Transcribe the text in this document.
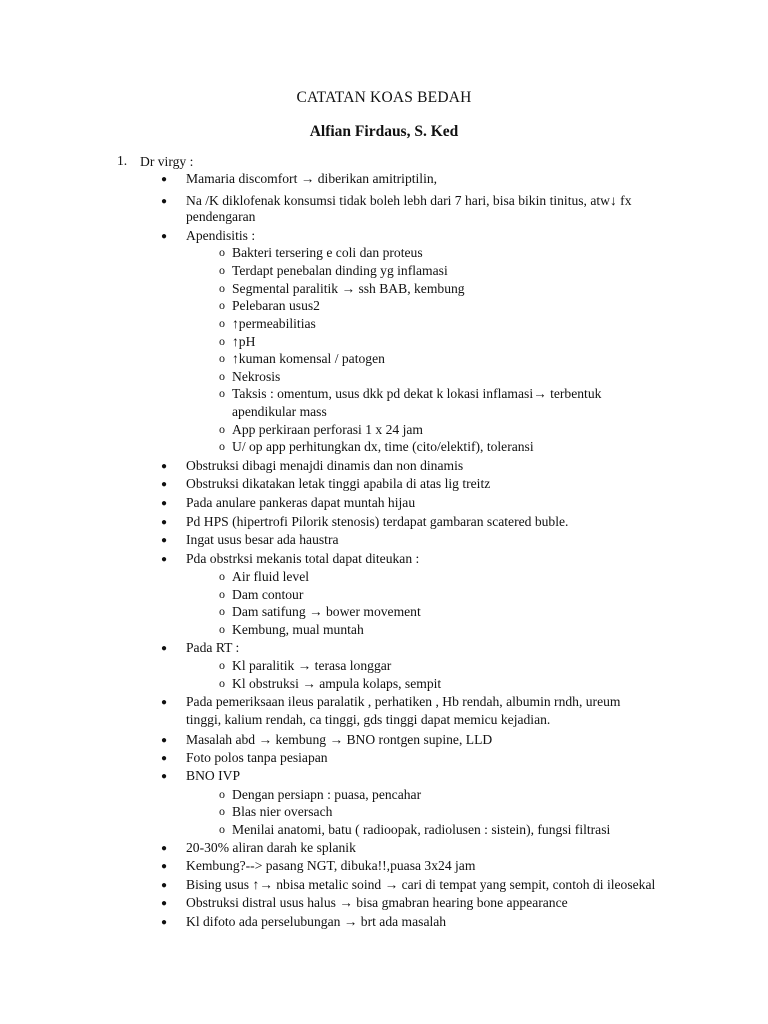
CATATAN KOAS BEDAH
Alfian Firdaus, S. Ked
1. Dr virgy :
● Mamaria discomfort → diberikan amitriptilin,
● Na /K diklofenak konsumsi tidak boleh lebh dari 7 hari, bisa bikin tinitus, atw↓ fx
pendengaran
● Apendisitis :
o Bakteri tersering e coli dan proteus
o Terdapt penebalan dinding yg inflamasi
o Segmental paralitik → ssh BAB, kembung
o Pelebaran usus2
o ↑permeabilitias
o ↑pH
o ↑kuman komensal / patogen
o Nekrosis
o Taksis : omentum, usus dkk pd dekat k lokasi inflamasi→ terbentuk
apendikular mass
o App perkiraan perforasi 1 x 24 jam
o U/ op app perhitungkan dx, time (cito/elektif), toleransi
● Obstruksi dibagi menajdi dinamis dan non dinamis
● Obstruksi dikatakan letak tinggi apabila di atas lig treitz
● Pada anulare pankeras dapat muntah hijau
● Pd HPS (hipertrofi Pilorik stenosis) terdapat gambaran scatered buble.
● Ingat usus besar ada haustra
● Pda obstrksi mekanis total dapat diteukan :
o Air fluid level
o Dam contour
o Dam satifung → bower movement
o Kembung, mual muntah
● Pada RT :
o Kl paralitik → terasa longgar
o Kl obstruksi → ampula kolaps, sempit
● Pada pemeriksaan ileus paralatik , perhatiken , Hb rendah, albumin rndh, ureum
tinggi, kalium rendah, ca tinggi, gds tinggi dapat memicu kejadian.
● Masalah abd → kembung → BNO rontgen supine, LLD
● Foto polos tanpa pesiapan
● BNO IVP
o Dengan persiapn : puasa, pencahar
o Blas nier oversach
o Menilai anatomi, batu ( radioopak, radiolusen : sistein), fungsi filtrasi
● 20-30% aliran darah ke splanik
● Kembung?--> pasang NGT, dibuka!!,puasa 3x24 jam
● Bising usus ↑→ nbisa metalic soind → cari di tempat yang sempit, contoh di ileosekal
● Obstruksi distral usus halus → bisa gmabran hearing bone appearance
● Kl difoto ada perselubungan → brt ada masalah
